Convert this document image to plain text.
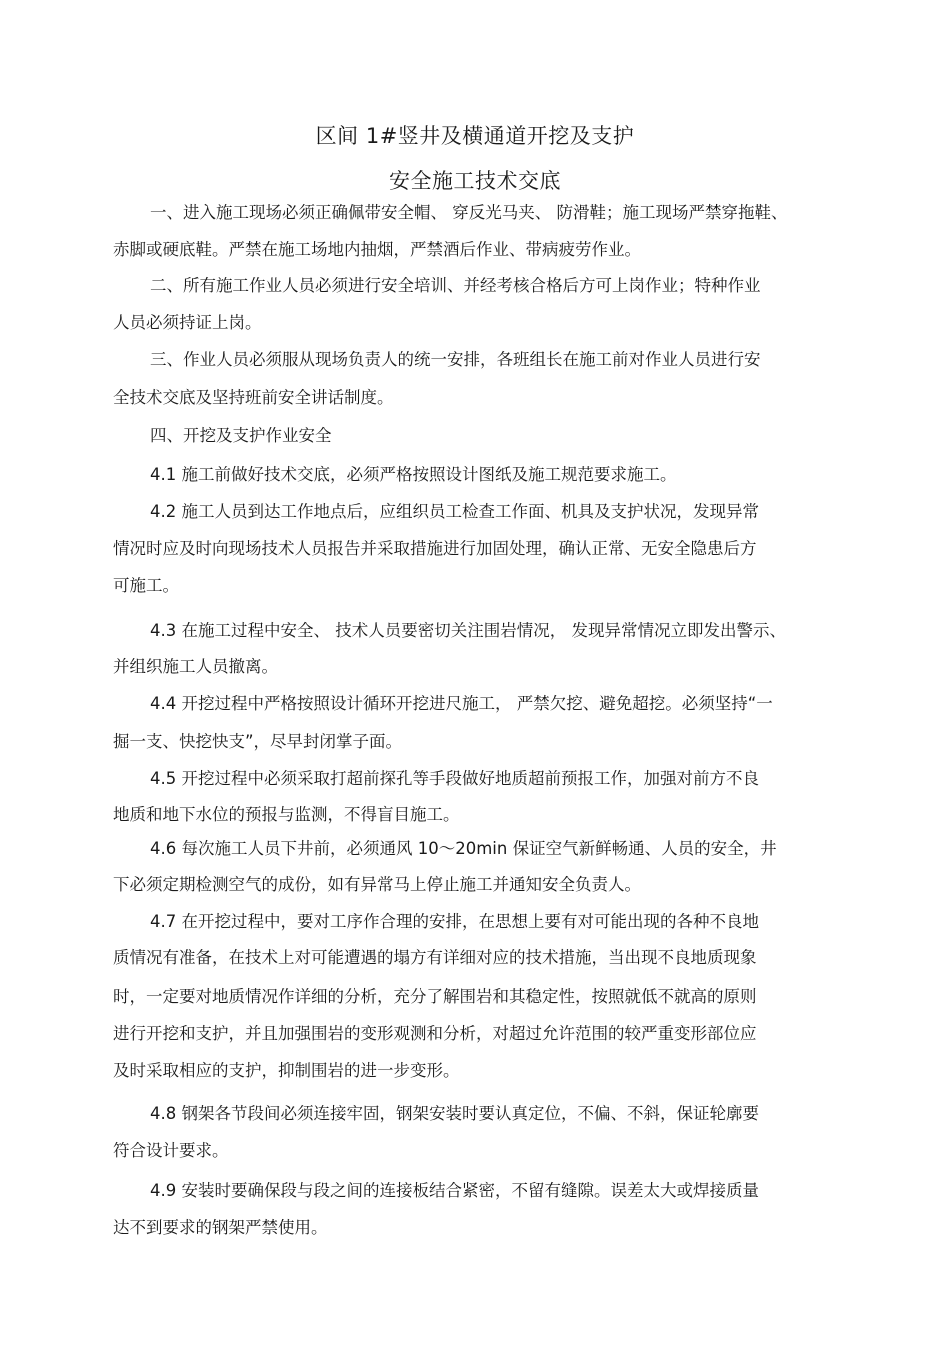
区间 1#竖井及横通道开挖及支护
安全施工技术交底
一、进入施工现场必须正确佩带安全帽、 穿反光马夹、 防滑鞋；施工现场严禁穿拖鞋、
赤脚或硬底鞋。严禁在施工场地内抽烟，严禁酒后作业、带病疲劳作业。
二、所有施工作业人员必须进行安全培训、并经考核合格后方可上岗作业；特种作业
人员必须持证上岗。
三、作业人员必须服从现场负责人的统一安排，各班组长在施工前对作业人员进行安
全技术交底及坚持班前安全讲话制度。
四、开挖及支护作业安全
4.1 施工前做好技术交底，必须严格按照设计图纸及施工规范要求施工。
4.2 施工人员到达工作地点后，应组织员工检查工作面、机具及支护状况，发现异常
情况时应及时向现场技术人员报告并采取措施进行加固处理，确认正常、无安全隐患后方
可施工。
4.3 在施工过程中安全、 技术人员要密切关注围岩情况， 发现异常情况立即发出警示、
并组织施工人员撤离。
4.4 开挖过程中严格按照设计循环开挖进尺施工， 严禁欠挖、避免超挖。必须坚持“一
掘一支、快挖快支”，尽早封闭掌子面。
4.5 开挖过程中必须采取打超前探孔等手段做好地质超前预报工作，加强对前方不良
地质和地下水位的预报与监测，不得盲目施工。
4.6 每次施工人员下井前，必须通风 10～20min 保证空气新鲜畅通、人员的安全，井
下必须定期检测空气的成份，如有异常马上停止施工并通知安全负责人。
4.7 在开挖过程中，要对工序作合理的安排，在思想上要有对可能出现的各种不良地
质情况有准备，在技术上对可能遭遇的塌方有详细对应的技术措施，当出现不良地质现象
时，一定要对地质情况作详细的分析，充分了解围岩和其稳定性，按照就低不就高的原则
进行开挖和支护，并且加强围岩的变形观测和分析，对超过允许范围的较严重变形部位应
及时采取相应的支护，抑制围岩的进一步变形。
4.8 钢架各节段间必须连接牢固，钢架安装时要认真定位，不偏、不斜，保证轮廓要
符合设计要求。
4.9 安装时要确保段与段之间的连接板结合紧密，不留有缝隙。误差太大或焊接质量
达不到要求的钢架严禁使用。
